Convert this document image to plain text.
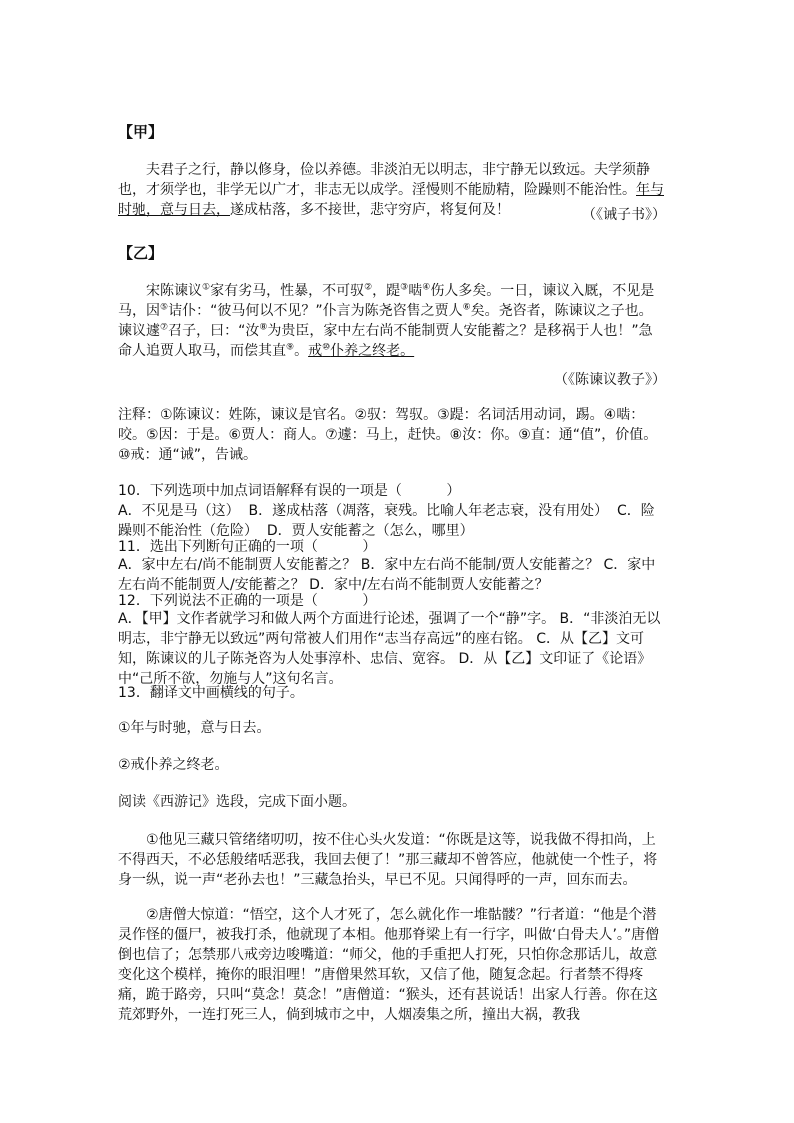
【甲】

夫君子之行，静以修身，俭以养德。非淡泊无以明志，非宁静无以致远。夫学须静也，才须学也，非学无以广才，非志无以成学。淫慢则不能励精，险躁则不能治性。年与时驰，意与日去，遂成枯落，多不接世，悲守穷庐，将复何及！	（《诫子书》）

【乙】

宋陈谏议①家有劣马，性暴，不可驭②，踶③啮④伤人多矣。一日，谏议入厩，不见是马，因⑤诘仆：“彼马何以不见？”仆言为陈尧咨售之贾人⑥矣。尧咨者，陈谏议之子也。谏议遽⑦召子，曰：“汝⑧为贵臣，家中左右尚不能制贾人安能蓄之？是移祸于人也！”急命人追贾人取马，而偿其直⑨。戒⑩仆养之终老。

（《陈谏议教子》）

注释：①陈谏议：姓陈，谏议是官名。②驭：驾驭。③踶：名词活用动词，踢。④啮：咬。⑤因：于是。⑥贾人：商人。⑦遽：马上，赶快。⑧汝：你。⑨直：通“值”，价值。⑩戒：通“诫”，告诫。

10．下列选项中加点词语解释有误的一项是（          ）

A．不见是马（这）  B．遂成枯落（凋落，衰残。比喻人年老志衰，没有用处）  C．险躁则不能治性（危险）  D．贾人安能蓄之（怎么，哪里）

11．选出下列断句正确的一项（          ）

A．家中左右/尚不能制贾人安能蓄之？ B．家中左右尚不能制/贾人安能蓄之？ C．家中左右尚不能制贾人/安能蓄之？ D．家中/左右尚不能制贾人安能蓄之？

12．下列说法不正确的一项是（          ）

A．【甲】文作者就学习和做人两个方面进行论述，强调了一个“静”字。 B．“非淡泊无以明志，非宁静无以致远”两句常被人们用作“志当存高远”的座右铭。 C．从【乙】文可知，陈谏议的儿子陈尧咨为人处事淳朴、忠信、宽容。 D．从【乙】文印证了《论语》中“己所不欲，勿施与人”这句名言。

13．翻译文中画横线的句子。

①年与时驰，意与日去。

②戒仆养之终老。

阅读《西游记》选段，完成下面小题。

①他见三藏只管绪绪叨叨，按不住心头火发道：“你既是这等，说我做不得扣尚，上不得西天，不必恁般绪咶恶我，我回去便了！”那三藏却不曾答应，他就使一个性子，将身一纵，说一声“老孙去也！”三藏急抬头，早已不见。只闻得呼的一声，回东而去。

②唐僧大惊道：“悟空，这个人才死了，怎么就化作一堆骷髅？”行者道：“他是个潜灵作怪的僵尸，被我打杀，他就现了本相。他那脊梁上有一行字，叫做‘白骨夫人’。”唐僧倒也信了；怎禁那八戒旁边唆嘴道：“师父，他的手重把人打死，只怕你念那话儿，故意变化这个模样，掩你的眼泪哩！”唐僧果然耳软，又信了他，随复念起。行者禁不得疼痛，跪于路旁，只叫“莫念！莫念！”唐僧道：“猴头，还有甚说话！出家人行善。你在这荒郊野外，一连打死三人，倘到城市之中，人烟凑集之所，撞出大祸，教我
